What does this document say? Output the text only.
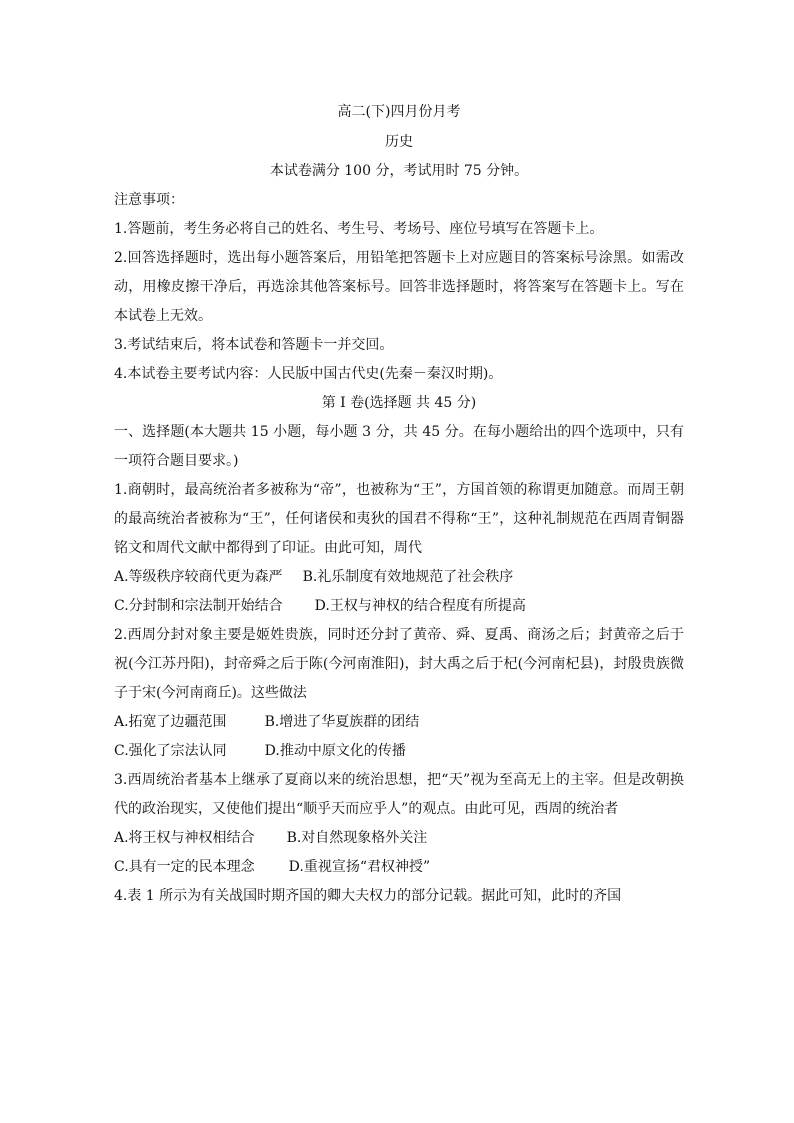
高二(下)四月份月考
历史
本试卷满分 100 分，考试用时 75 分钟。
注意事项：
1.答题前，考生务必将自己的姓名、考生号、考场号、座位号填写在答题卡上。
2.回答选择题时，选出每小题答案后，用铅笔把答题卡上对应题目的答案标号涂黑。如需改动，用橡皮擦干净后，再选涂其他答案标号。回答非选择题时，将答案写在答题卡上。写在本试卷上无效。
3.考试结束后，将本试卷和答题卡一并交回。
4.本试卷主要考试内容：人民版中国古代史(先秦－秦汉时期)。
第 I 卷(选择题 共 45 分)
一、选择题(本大题共 15 小题，每小题 3 分，共 45 分。在每小题给出的四个选项中，只有一项符合题目要求。)
1.商朝时，最高统治者多被称为“帝”，也被称为“王”，方国首领的称谓更加随意。而周王朝的最高统治者被称为“王”，任何诸侯和夷狄的国君不得称“王”，这种礼制规范在西周青铜器铭文和周代文献中都得到了印证。由此可知，周代
A.等级秩序较商代更为森严 B.礼乐制度有效地规范了社会秩序
C.分封制和宗法制开始结合 D.王权与神权的结合程度有所提高
2.西周分封对象主要是姬姓贵族，同时还分封了黄帝、舜、夏禹、商汤之后；封黄帝之后于祝(今江苏丹阳)，封帝舜之后于陈(今河南淮阳)，封大禹之后于杞(今河南杞县)，封殷贵族微子于宋(今河南商丘)。这些做法
A.拓宽了边疆范围	B.增进了华夏族群的团结
C.强化了宗法认同	D.推动中原文化的传播
3.西周统治者基本上继承了夏商以来的统治思想，把“天”视为至高无上的主宰。但是改朝换代的政治现实，又使他们提出“顺乎天而应乎人”的观点。由此可见，西周的统治者
A.将王权与神权相结合 B.对自然现象格外关注
C.具有一定的民本理念 D.重视宣扬“君权神授”
4.表 1 所示为有关战国时期齐国的卿大夫权力的部分记载。据此可知，此时的齐国
